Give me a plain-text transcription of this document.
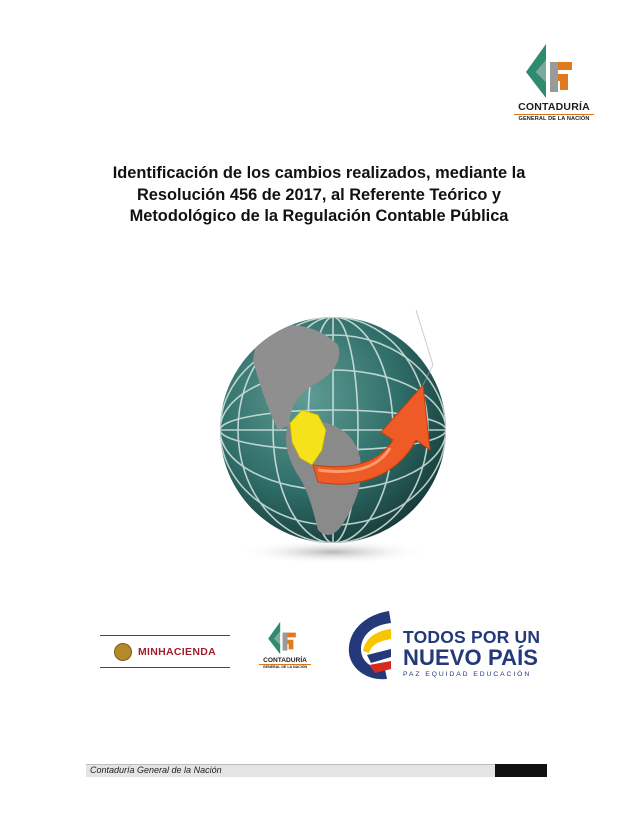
CONTADURÍA
GENERAL DE LA NACIÓN
Identificación de los cambios realizados, mediante la
Resolución 456 de 2017, al Referente Teórico y
Metodológico de la Regulación Contable Pública
MINHACIENDA
CONTADURÍA
GENERAL DE LA NACIÓN
TODOS POR UN
NUEVO PAÍS
PAZ EQUIDAD EDUCACIÓN
Contaduría General de la Nación
